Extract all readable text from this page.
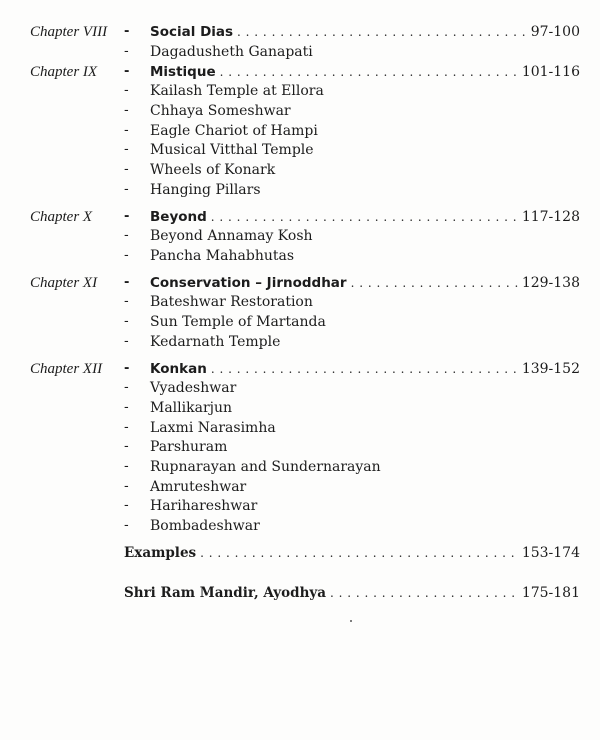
Chapter VIII - Social Dias . . .	97-100
- Dagadusheth Ganapati
Chapter IX - Mistique . . .	101-116
- Kailash Temple at Ellora
- Chhaya Someshwar
- Eagle Chariot of Hampi
- Musical Vitthal Temple
- Wheels of Konark
- Hanging Pillars
Chapter X - Beyond . . .	117-128
- Beyond Annamay Kosh
- Pancha Mahabhutas
Chapter XI - Conservation – Jirnoddhar . . .	129-138
- Bateshwar Restoration
- Sun Temple of Martanda
- Kedarnath Temple
Chapter XII - Konkan . . .	139-152
- Vyadeshwar
- Mallikarjun
- Laxmi Narasimha
- Parshuram
- Rupnarayan and Sundernarayan
- Amruteshwar
- Harihareshwar
- Bombadeshwar
Examples . . .	153-174
Shri Ram Mandir, Ayodhya . . .	175-181
